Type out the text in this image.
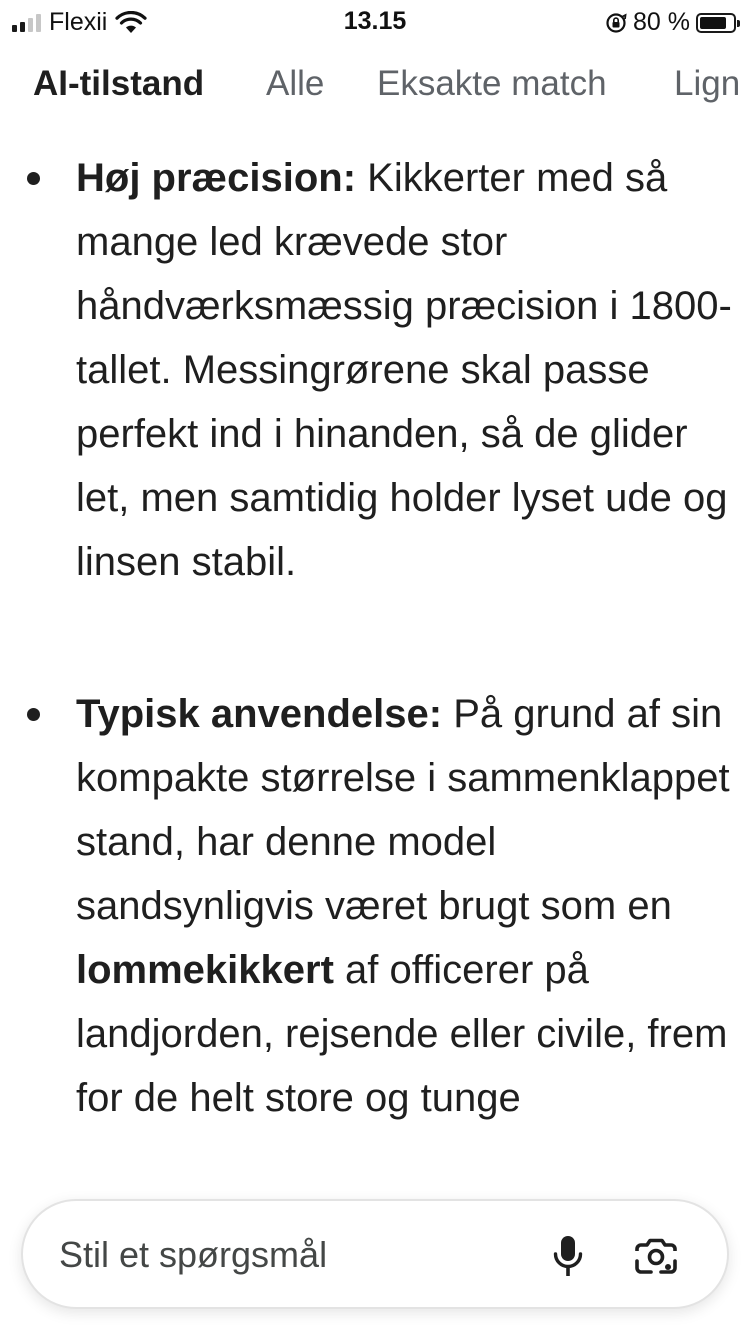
Flexii	13.15	80 %
AI-tilstand Alle Eksakte match Lign
Høj præcision: Kikkerter med så mange led krævede stor håndværksmæssig præcision i 1800-tallet. Messingrørene skal passe perfekt ind i hinanden, så de glider let, men samtidig holder lyset ude og linsen stabil.
Typisk anvendelse: På grund af sin kompakte størrelse i sammenklappet stand, har denne model sandsynligvis været brugt som en lommekikkert af officerer på landjorden, rejsende eller civile, frem for de helt store og tunge
Stil et spørgsmål
